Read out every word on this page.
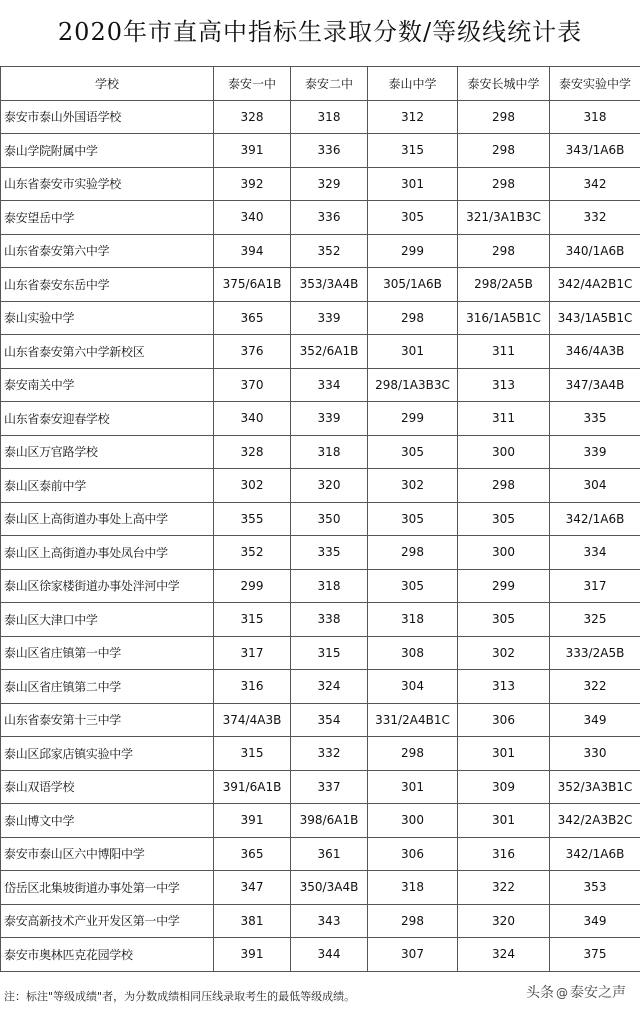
2020年市直高中指标生录取分数/等级线统计表
学校	泰安一中	泰安二中	泰山中学	泰安长城中学	泰安实验中学
泰安市泰山外国语学校	328	318	312	298	318
泰山学院附属中学	391	336	315	298	343/1A6B
山东省泰安市实验学校	392	329	301	298	342
泰安望岳中学	340	336	305	321/3A1B3C	332
山东省泰安第六中学	394	352	299	298	340/1A6B
山东省泰安东岳中学	375/6A1B	353/3A4B	305/1A6B	298/2A5B	342/4A2B1C
泰山实验中学	365	339	298	316/1A5B1C	343/1A5B1C
山东省泰安第六中学新校区	376	352/6A1B	301	311	346/4A3B
泰安南关中学	370	334	298/1A3B3C	313	347/3A4B
山东省泰安迎春学校	340	339	299	311	335
泰山区万官路学校	328	318	305	300	339
泰山区泰前中学	302	320	302	298	304
泰山区上高街道办事处上高中学	355	350	305	305	342/1A6B
泰山区上高街道办事处凤台中学	352	335	298	300	334
泰山区徐家楼街道办事处泮河中学	299	318	305	299	317
泰山区大津口中学	315	338	318	305	325
泰山区省庄镇第一中学	317	315	308	302	333/2A5B
泰山区省庄镇第二中学	316	324	304	313	322
山东省泰安第十三中学	374/4A3B	354	331/2A4B1C	306	349
泰山区邱家店镇实验中学	315	332	298	301	330
泰山双语学校	391/6A1B	337	301	309	352/3A3B1C
泰山博文中学	391	398/6A1B	300	301	342/2A3B2C
泰安市泰山区六中博阳中学	365	361	306	316	342/1A6B
岱岳区北集坡街道办事处第一中学	347	350/3A4B	318	322	353
泰安高新技术产业开发区第一中学	381	343	298	320	349
泰安市奥林匹克花园学校	391	344	307	324	375
注：标注"等级成绩"者，为分数成绩相同压线录取考生的最低等级成绩。	头条 @ 泰安之声
